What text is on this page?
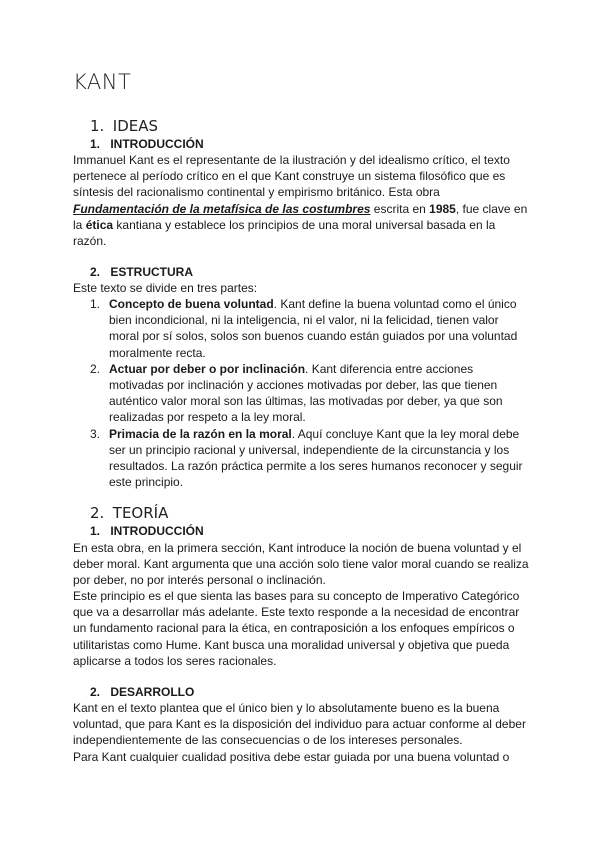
KANT
1. IDEAS
1. INTRODUCCIÓN

Immanuel Kant es el representante de la ilustración y del idealismo crítico, el texto pertenece al período crítico en el que Kant construye un sistema filosófico que es síntesis del racionalismo continental y empirismo británico. Esta obra
Fundamentación de la metafísica de las costumbres escrita en 1985, fue clave en la ética kantiana y establece los principios de una moral universal basada en la razón.

2. ESTRUCTURA

Este texto se divide en tres partes:

1. Concepto de buena voluntad. Kant define la buena voluntad como el único bien incondicional, ni la inteligencia, ni el valor, ni la felicidad, tienen valor moral por sí solos, solos son buenos cuando están guiados por una voluntad moralmente recta.
2. Actuar por deber o por inclinación. Kant diferencia entre acciones motivadas por inclinación y acciones motivadas por deber, las que tienen auténtico valor moral son las últimas, las motivadas por deber, ya que son realizadas por respeto a la ley moral.
3. Primacia de la razón en la moral. Aquí concluye Kant que la ley moral debe ser un principio racional y universal, independiente de la circunstancia y los resultados. La razón práctica permite a los seres humanos reconocer y seguir este principio.
2. TEORÍA
1. INTRODUCCIÓN

En esta obra, en la primera sección, Kant introduce la noción de buena voluntad y el deber moral. Kant argumenta que una acción solo tiene valor moral cuando se realiza por deber, no por interés personal o inclinación.

Este principio es el que sienta las bases para su concepto de Imperativo Categórico que va a desarrollar más adelante. Este texto responde a la necesidad de encontrar un fundamento racional para la ética, en contraposición a los enfoques empíricos o utilitaristas como Hume. Kant busca una moralidad universal y objetiva que pueda aplicarse a todos los seres racionales.

2. DESARROLLO

Kant en el texto plantea que el único bien y lo absolutamente bueno es la buena voluntad, que para Kant es la disposición del individuo para actuar conforme al deber independientemente de las consecuencias o de los intereses personales.

Para Kant cualquier cualidad positiva debe estar guiada por una buena voluntad o
